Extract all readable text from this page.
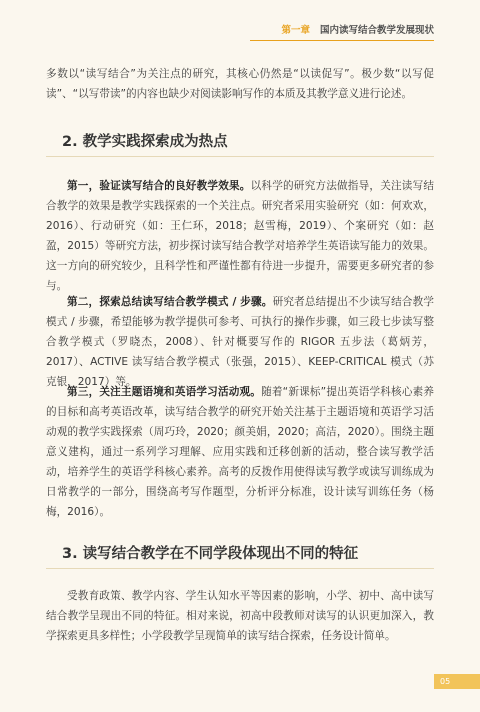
第一章 国内读写结合教学发展现状

多数以“读写结合”为关注点的研究，其核心仍然是“以读促写”。极少数“以写促读”、“以写带读”的内容也缺少对阅读影响写作的本质及其教学意义进行论述。

2. 教学实践探索成为热点

第一，验证读写结合的良好教学效果。以科学的研究方法做指导，关注读写结合教学的效果是教学实践探索的一个关注点。研究者采用实验研究（如：何欢欢，2016）、行动研究（如：王仁环，2018；赵雪梅，2019）、个案研究（如：赵盈，2015）等研究方法，初步探讨读写结合教学对培养学生英语读写能力的效果。这一方向的研究较少，且科学性和严谨性都有待进一步提升，需要更多研究者的参与。

第二，探索总结读写结合教学模式 / 步骤。研究者总结提出不少读写结合教学模式 / 步骤，希望能够为教学提供可参考、可执行的操作步骤，如三段七步读写整合教学模式（罗晓杰，2008）、针对概要写作的 RIGOR 五步法（葛炳芳，2017）、ACTIVE 读写结合教学模式（张强，2015）、KEEP-CRITICAL 模式（苏克银，2017）等。

第三，关注主题语境和英语学习活动观。随着“新课标”提出英语学科核心素养的目标和高考英语改革，读写结合教学的研究开始关注基于主题语境和英语学习活动观的教学实践探索（周巧玲，2020；颜美娟，2020；高洁，2020）。围绕主题意义建构，通过一系列学习理解、应用实践和迁移创新的活动，整合读写教学活动，培养学生的英语学科核心素养。高考的反拨作用使得读写教学或读写训练成为日常教学的一部分，围绕高考写作题型，分析评分标准，设计读写训练任务（杨梅，2016）。

3. 读写结合教学在不同学段体现出不同的特征

受教育政策、教学内容、学生认知水平等因素的影响，小学、初中、高中读写结合教学呈现出不同的特征。相对来说，初高中段教师对读写的认识更加深入，教学探索更具多样性；小学段教学呈现简单的读写结合探索，任务设计简单。

05
